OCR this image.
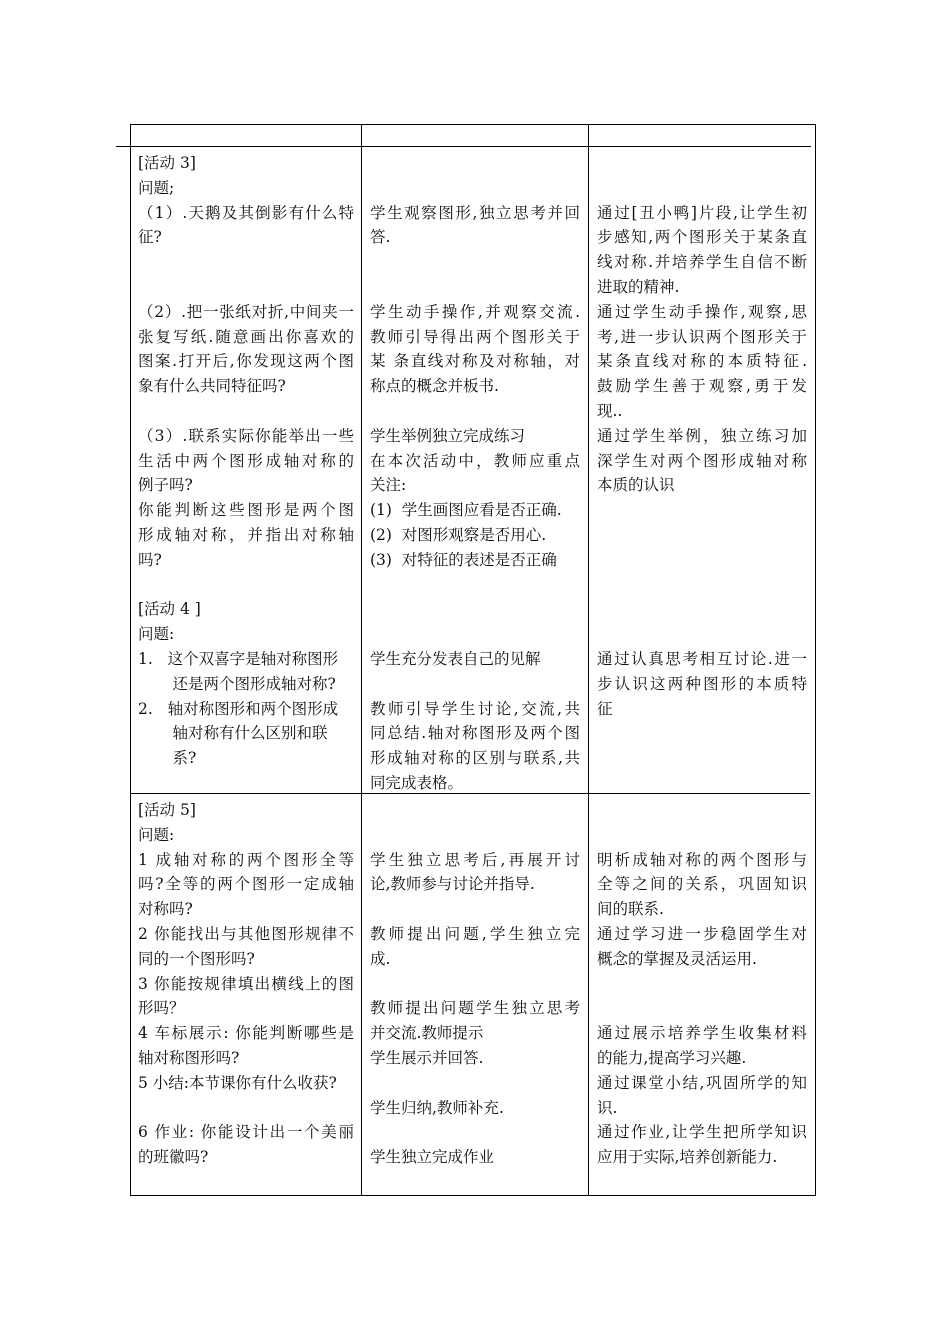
[活动 3]
问题;
（1）.天鹅及其倒影有什么特
征?
（2）.把一张纸对折,中间夹一
张复写纸.随意画出你喜欢的
图案.打开后,你发现这两个图
象有什么共同特征吗?
（3）.联系实际你能举出一些
生活中两个图形成轴对称的
例子吗?
你能判断这些图形是两个图
形成轴对称，并指出对称轴
吗?
[活动 4 ]
问题:
1.   这个双喜字是轴对称图形
还是两个图形成轴对称?
2.   轴对称图形和两个图形成
轴对称有什么区别和联
系?
学生观察图形,独立思考并回
答.
学生动手操作,并观察交流.
教师引导得出两个图形关于
某 条直线对称及对称轴，对
称点的概念并板书.
学生举例独立完成练习
在本次活动中，教师应重点
关注:
(1)  学生画图应看是否正确.
(2)  对图形观察是否用心.
(3)  对特征的表述是否正确
学生充分发表自己的见解
教师引导学生讨论,交流,共
同总结.轴对称图形及两个图
形成轴对称的区别与联系,共
同完成表格。
通过[丑小鸭]片段,让学生初
步感知,两个图形关于某条直
线对称.并培养学生自信不断
进取的精神.
通过学生动手操作,观察,思
考,进一步认识两个图形关于
某条直线对称的本质特征.
鼓励学生善于观察,勇于发
现..
通过学生举例，独立练习加
深学生对两个图形成轴对称
本质的认识
通过认真思考相互讨论.进一
步认识这两种图形的本质特
征
[活动 5]
问题:
1 成轴对称的两个图形全等
吗?全等的两个图形一定成轴
对称吗?
2 你能找出与其他图形规律不
同的一个图形吗?
3 你能按规律填出横线上的图
形吗？
4 车标展示: 你能判断哪些是
轴对称图形吗?
5 小结:本节课你有什么收获?
6 作业: 你能设计出一个美丽
的班徽吗?
学生独立思考后,再展开讨
论,教师参与讨论并指导.
教师提出问题,学生独立完
成.
教师提出问题学生独立思考
并交流.教师提示
学生展示并回答.
学生归纳,教师补充.
学生独立完成作业
明析成轴对称的两个图形与
全等之间的关系，巩固知识
间的联系.
通过学习进一步稳固学生对
概念的掌握及灵活运用.
通过展示培养学生收集材料
的能力,提高学习兴趣.
通过课堂小结,巩固所学的知
识.
通过作业,让学生把所学知识
应用于实际,培养创新能力.
